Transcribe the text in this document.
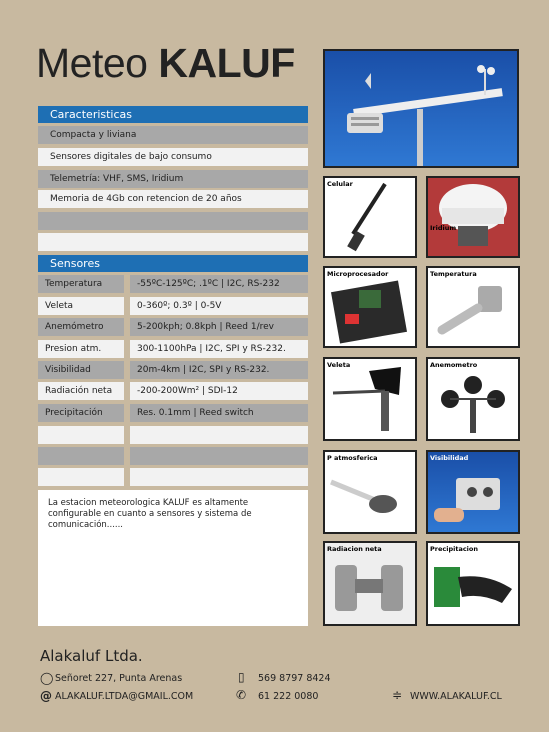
Meteo KALUF
Caracteristicas
Compacta y liviana
Sensores digitales de bajo consumo
Telemetría: VHF, SMS, Iridium
Memoria de 4Gb con retencion de 20 años
Sensores
Temperatura	-55ºC-125ºC; .1ºC | I2C, RS-232
Veleta	0-360º; 0.3º | 0-5V
Anemómetro	5-200kph; 0.8kph | Reed 1/rev
Presion atm.	300-1100hPa | I2C, SPI y RS-232.
Visibilidad	20m-4km | I2C, SPI y RS-232.
Radiación neta	-200-200Wm² | SDI-12
Precipitación	Res. 0.1mm | Reed switch
La estacion meteorologica KALUF es altamente configurable en cuanto a sensores y sistema de comunicación......
Celular
Iridium
Microprocesador	Temperatura
Veleta	Anemometro
P atmosferica	Visibilidad
Radiacion neta	Precipitacion
Alakaluf Ltda.
◯ Señoret 227, Punta Arenas
@ ALAKALUF.LTDA@GMAIL.COM
▯ 569 8797 8424
✆ 61 222 0080	≑ WWW.ALAKALUF.CL
